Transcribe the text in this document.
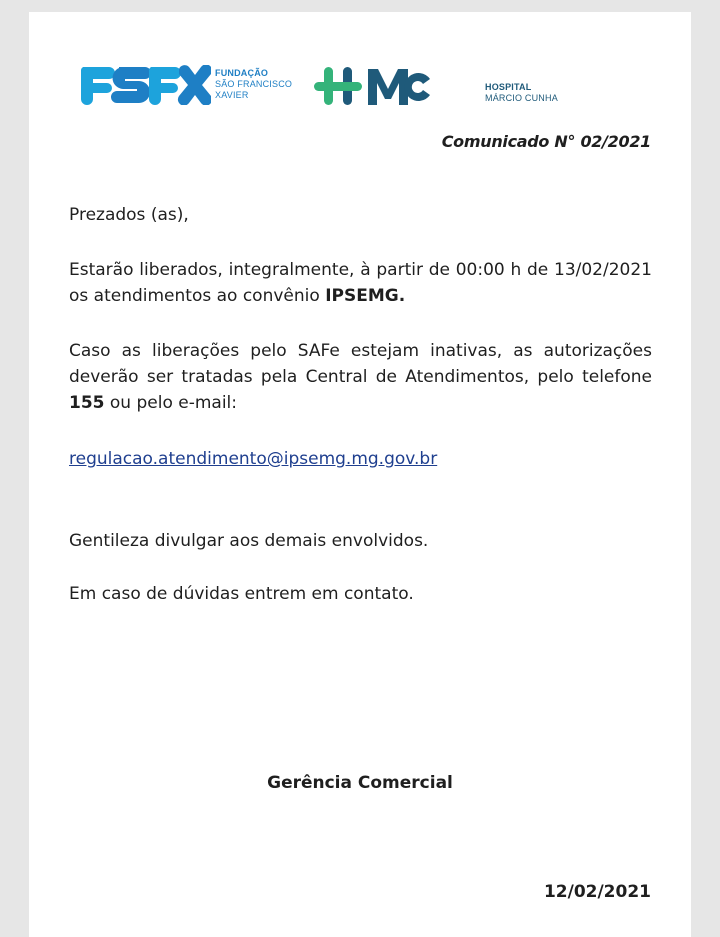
FUNDAÇÃO
SÃO FRANCISCO
XAVIER
HOSPITAL
MÁRCIO CUNHA
Comunicado N° 02/2021
Prezados (as),
Estarão liberados, integralmente, à partir de 00:00 h de 13/02/2021 os atendimentos ao convênio IPSEMG.
Caso as liberações pelo SAFe estejam inativas, as autorizações deverão ser tratadas pela Central de Atendimentos, pelo telefone 155 ou pelo e-mail:
regulacao.atendimento@ipsemg.mg.gov.br
Gentileza divulgar aos demais envolvidos.
Em caso de dúvidas entrem em contato.
Gerência Comercial
12/02/2021
